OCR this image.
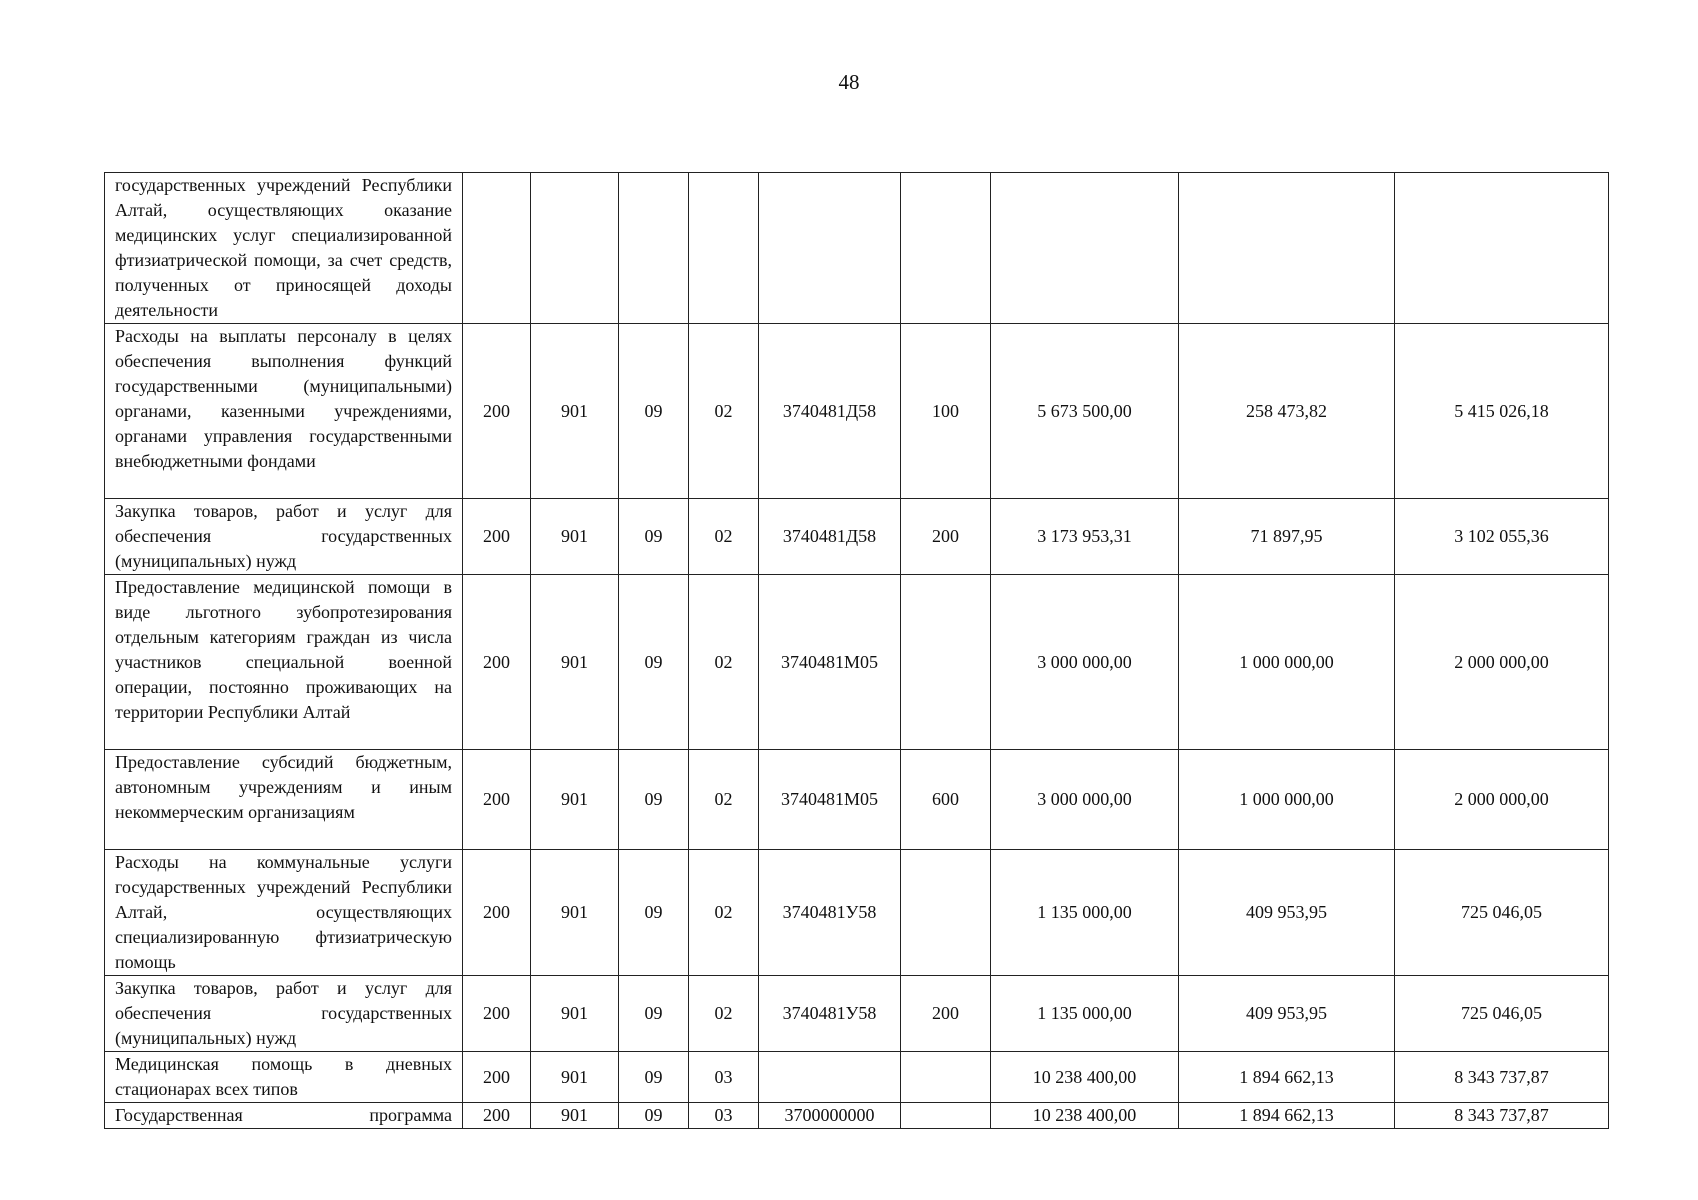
48
государственных учреждений Республики Алтай, осуществляющих оказание медицинских услуг специализированной фтизиатрической помощи, за счет средств, полученных от приносящей доходы деятельности									
Расходы на выплаты персоналу в целях обеспечения выполнения функций государственными (муниципальными) органами, казенными учреждениями, органами управления государственными внебюджетными фондами	200	901	09	02	3740481Д58	100	5 673 500,00	258 473,82	5 415 026,18
Закупка товаров, работ и услуг для обеспечения государственных (муниципальных) нужд	200	901	09	02	3740481Д58	200	3 173 953,31	71 897,95	3 102 055,36
Предоставление медицинской помощи в виде льготного зубопротезирования отдельным категориям граждан из числа участников специальной военной операции, постоянно проживающих на территории Республики Алтай	200	901	09	02	3740481М05		3 000 000,00	1 000 000,00	2 000 000,00
Предоставление субсидий бюджетным, автономным учреждениям и иным некоммерческим организациям	200	901	09	02	3740481М05	600	3 000 000,00	1 000 000,00	2 000 000,00
Расходы на коммунальные услуги государственных учреждений Республики Алтай, осуществляющих специализированную фтизиатрическую помощь	200	901	09	02	3740481У58		1 135 000,00	409 953,95	725 046,05
Закупка товаров, работ и услуг для обеспечения государственных (муниципальных) нужд	200	901	09	02	3740481У58	200	1 135 000,00	409 953,95	725 046,05
Медицинская помощь в дневных стационарах всех типов	200	901	09	03			10 238 400,00	1 894 662,13	8 343 737,87
Государственная программа	200	901	09	03	3700000000		10 238 400,00	1 894 662,13	8 343 737,87
